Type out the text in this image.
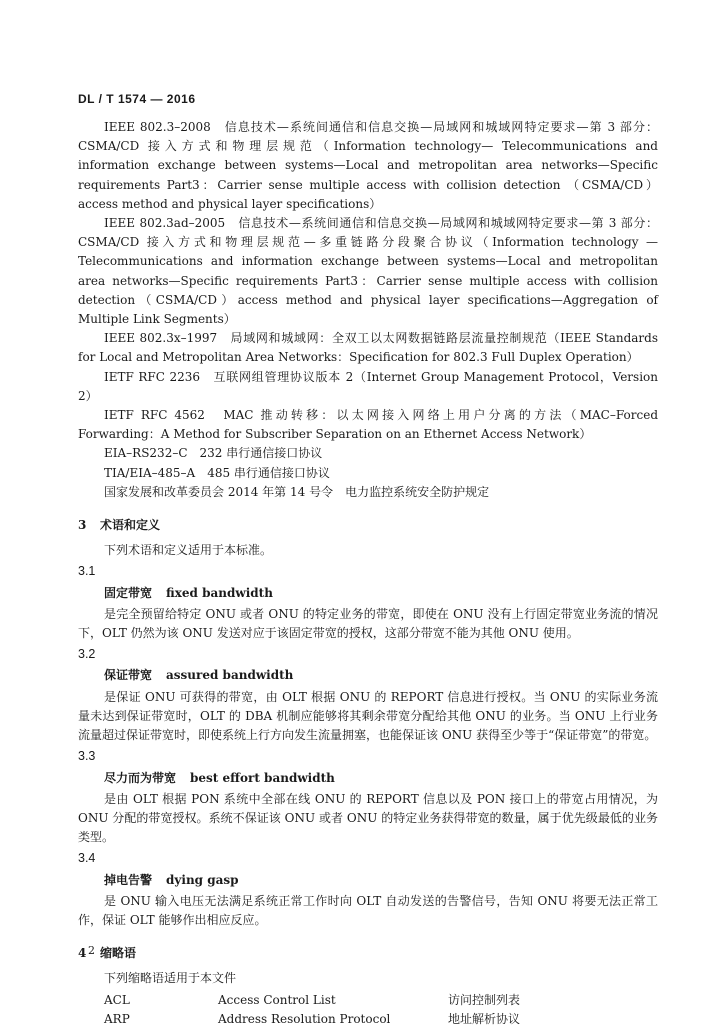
DL / T 1574 — 2016

IEEE 802.3–2008　信息技术—系统间通信和信息交换—局域网和城域网特定要求—第 3 部分：CSMA/CD 接入方式和物理层规范（Information technology— Telecommunications and information exchange between systems—Local and metropolitan area networks—Specific requirements Part3：Carrier sense multiple access with collision detection （CSMA/CD）access method and physical layer specifications）

IEEE 802.3ad–2005　信息技术—系统间通信和信息交换—局域网和城域网特定要求—第 3 部分：CSMA/CD 接入方式和物理层规范—多重链路分段聚合协议（Information technology — Telecommunications and information exchange between systems—Local and metropolitan area networks—Specific requirements Part3：Carrier sense multiple access with collision detection（CSMA/CD）access method and physical layer specifications—Aggregation of Multiple Link Segments）

IEEE 802.3x–1997　局域网和城域网：全双工以太网数据链路层流量控制规范（IEEE Standards for Local and Metropolitan Area Networks：Specification for 802.3 Full Duplex Operation）

IETF RFC 2236　互联网组管理协议版本 2（Internet Group Management Protocol，Version 2）

IETF RFC 4562　MAC 推动转移：以太网接入网络上用户分离的方法（MAC–Forced Forwarding：A Method for Subscriber Separation on an Ethernet Access Network）

EIA–RS232–C　232 串行通信接口协议

TIA/EIA–485–A　485 串行通信接口协议

国家发展和改革委员会 2014 年第 14 号令　电力监控系统安全防护规定

3 术语和定义

下列术语和定义适用于本标准。

3.1
固定带宽 fixed bandwidth

是完全预留给特定 ONU 或者 ONU 的特定业务的带宽，即使在 ONU 没有上行固定带宽业务流的情况下，OLT 仍然为该 ONU 发送对应于该固定带宽的授权，这部分带宽不能为其他 ONU 使用。

3.2
保证带宽 assured bandwidth

是保证 ONU 可获得的带宽，由 OLT 根据 ONU 的 REPORT 信息进行授权。当 ONU 的实际业务流量未达到保证带宽时，OLT 的 DBA 机制应能够将其剩余带宽分配给其他 ONU 的业务。当 ONU 上行业务流量超过保证带宽时，即使系统上行方向发生流量拥塞，也能保证该 ONU 获得至少等于“保证带宽”的带宽。

3.3
尽力而为带宽 best effort bandwidth

是由 OLT 根据 PON 系统中全部在线 ONU 的 REPORT 信息以及 PON 接口上的带宽占用情况，为 ONU 分配的带宽授权。系统不保证该 ONU 或者 ONU 的特定业务获得带宽的数量，属于优先级最低的业务类型。

3.4
掉电告警 dying gasp

是 ONU 输入电压无法满足系统正常工作时向 OLT 自动发送的告警信号，告知 ONU 将要无法正常工作，保证 OLT 能够作出相应反应。

4 缩略语

下列缩略语适用于本文件

ACL	Access Control List	访问控制列表
ARP	Address Resolution Protocol	地址解析协议
2
